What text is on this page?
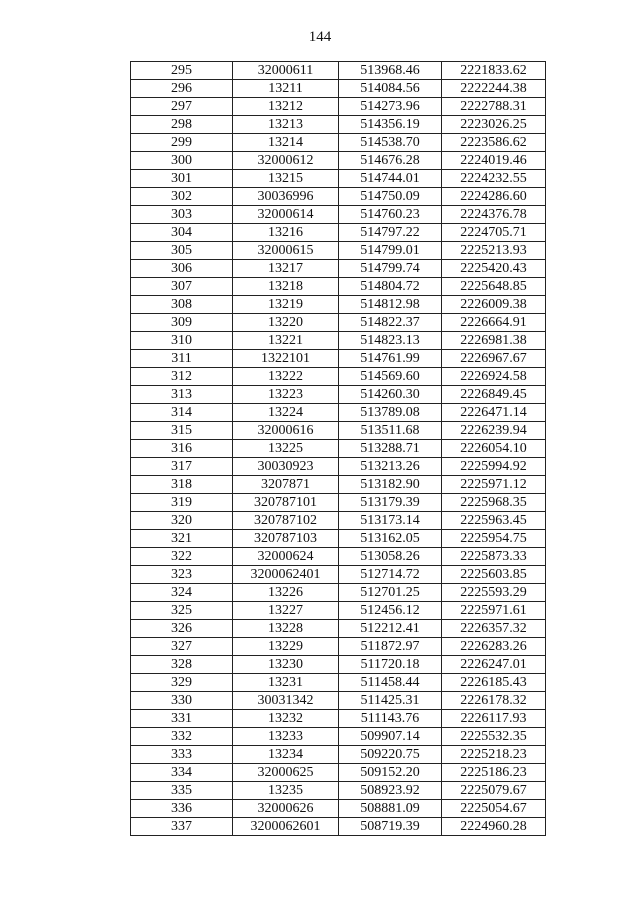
144
295	32000611	513968.46	2221833.62
296	13211	514084.56	2222244.38
297	13212	514273.96	2222788.31
298	13213	514356.19	2223026.25
299	13214	514538.70	2223586.62
300	32000612	514676.28	2224019.46
301	13215	514744.01	2224232.55
302	30036996	514750.09	2224286.60
303	32000614	514760.23	2224376.78
304	13216	514797.22	2224705.71
305	32000615	514799.01	2225213.93
306	13217	514799.74	2225420.43
307	13218	514804.72	2225648.85
308	13219	514812.98	2226009.38
309	13220	514822.37	2226664.91
310	13221	514823.13	2226981.38
311	1322101	514761.99	2226967.67
312	13222	514569.60	2226924.58
313	13223	514260.30	2226849.45
314	13224	513789.08	2226471.14
315	32000616	513511.68	2226239.94
316	13225	513288.71	2226054.10
317	30030923	513213.26	2225994.92
318	3207871	513182.90	2225971.12
319	320787101	513179.39	2225968.35
320	320787102	513173.14	2225963.45
321	320787103	513162.05	2225954.75
322	32000624	513058.26	2225873.33
323	3200062401	512714.72	2225603.85
324	13226	512701.25	2225593.29
325	13227	512456.12	2225971.61
326	13228	512212.41	2226357.32
327	13229	511872.97	2226283.26
328	13230	511720.18	2226247.01
329	13231	511458.44	2226185.43
330	30031342	511425.31	2226178.32
331	13232	511143.76	2226117.93
332	13233	509907.14	2225532.35
333	13234	509220.75	2225218.23
334	32000625	509152.20	2225186.23
335	13235	508923.92	2225079.67
336	32000626	508881.09	2225054.67
337	3200062601	508719.39	2224960.28
